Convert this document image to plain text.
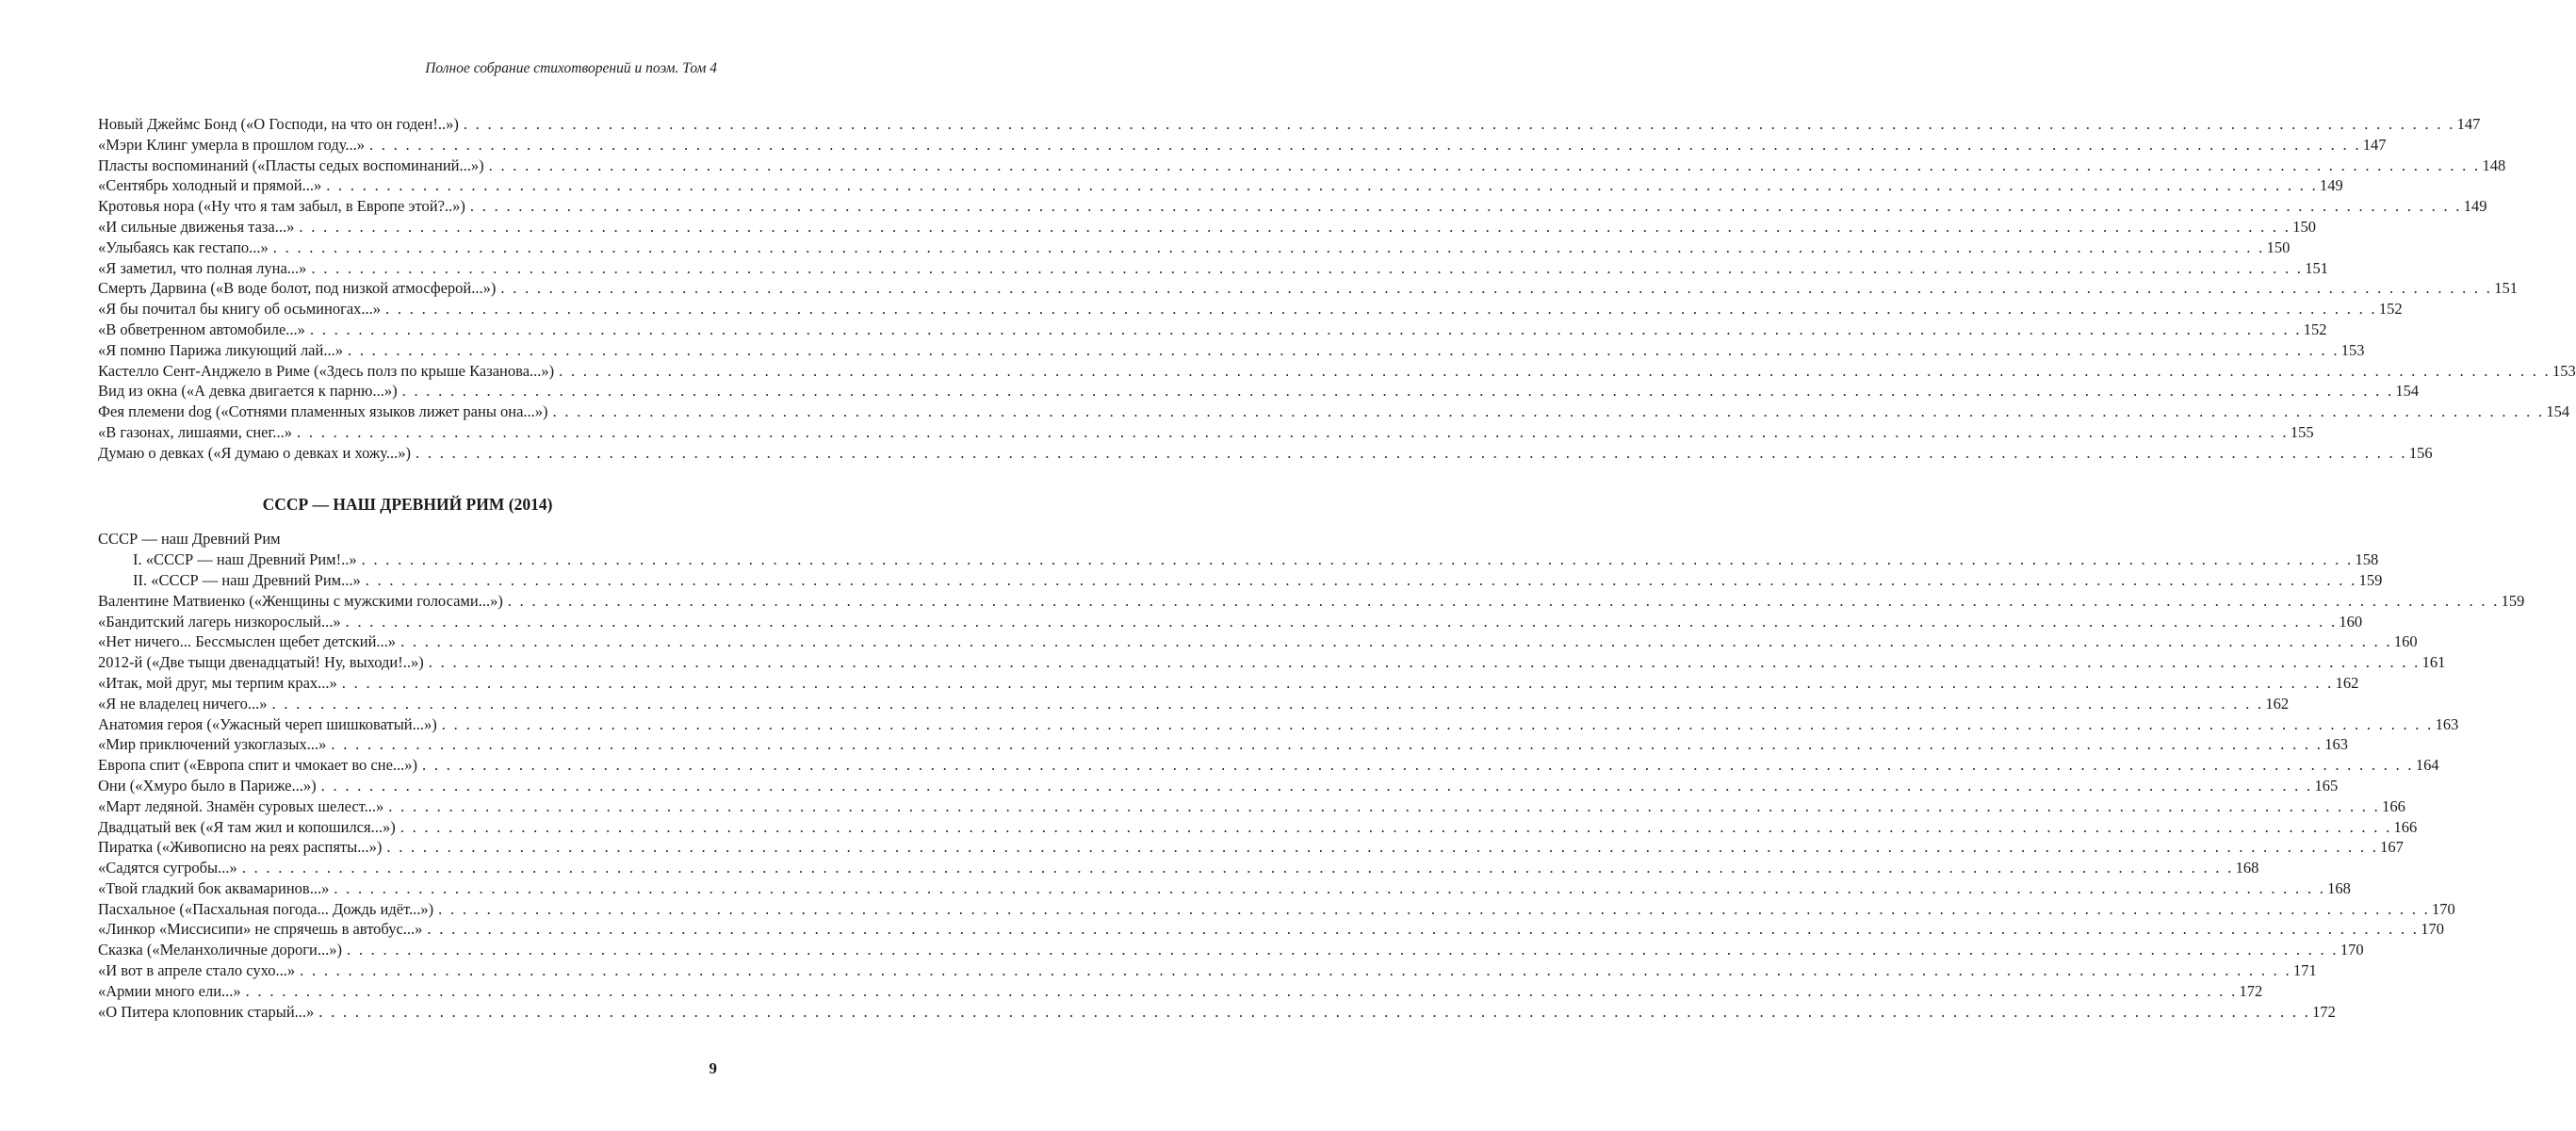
Полное собрание стихотворений и поэм. Том 4
Новый Джеймс Бонд («О Господи, на что он годен!..») . . . . . . . . . . . . . . . . . . . . . . . . . . . . . . . . . . . . . . . . . . . . . . . . . . . . . . . . . . . . . . . . . . . . . . . . . . . . . . . . . . . . . . . . . . . . . . . . . . . . . . . . . . . . . . . . . . . . . . . . . . . . . . . . . . . . . . . . . . . . . . . . . . . . . . . . . . . . . . . . . . . . . 147
«Мэри Клинг умерла в прошлом году...» . . . . . . . . . . . . . . . . . . . . . . . . . . . . . . . . . . . . . . . . . . . . . . . . . . . . . . . . . . . . . . . . . . . . . . . . . . . . . . . . . . . . . . . . . . . . . . . . . . . . . . . . . . . . . . . . . . . . . . . . . . . . . . . . . . . . . . . . . . . . . . . . . . . . . . . . . . . . . . . . . . . . . 147
Пласты воспоминаний («Пласты седых воспоминаний...») . . . . . . . . . . . . . . . . . . . . . . . . . . . . . . . . . . . . . . . . . . . . . . . . . . . . . . . . . . . . . . . . . . . . . . . . . . . . . . . . . . . . . . . . . . . . . . . . . . . . . . . . . . . . . . . . . . . . . . . . . . . . . . . . . . . . . . . . . . . . . . . . . . . . . . . . . . . . . . . . . . . . . 148
«Сентябрь холодный и прямой...» . . . . . . . . . . . . . . . . . . . . . . . . . . . . . . . . . . . . . . . . . . . . . . . . . . . . . . . . . . . . . . . . . . . . . . . . . . . . . . . . . . . . . . . . . . . . . . . . . . . . . . . . . . . . . . . . . . . . . . . . . . . . . . . . . . . . . . . . . . . . . . . . . . . . . . . . . . . . . . . . . . . . . 149
Кротовья нора («Ну что я там забыл, в Европе этой?..») . . . . . . . . . . . . . . . . . . . . . . . . . . . . . . . . . . . . . . . . . . . . . . . . . . . . . . . . . . . . . . . . . . . . . . . . . . . . . . . . . . . . . . . . . . . . . . . . . . . . . . . . . . . . . . . . . . . . . . . . . . . . . . . . . . . . . . . . . . . . . . . . . . . . . . . . . . . . . . . . . . . . . 149
«И сильные движенья таза...» . . . . . . . . . . . . . . . . . . . . . . . . . . . . . . . . . . . . . . . . . . . . . . . . . . . . . . . . . . . . . . . . . . . . . . . . . . . . . . . . . . . . . . . . . . . . . . . . . . . . . . . . . . . . . . . . . . . . . . . . . . . . . . . . . . . . . . . . . . . . . . . . . . . . . . . . . . . . . . . . . . . . . 150
«Улыбаясь как гестапо...» . . . . . . . . . . . . . . . . . . . . . . . . . . . . . . . . . . . . . . . . . . . . . . . . . . . . . . . . . . . . . . . . . . . . . . . . . . . . . . . . . . . . . . . . . . . . . . . . . . . . . . . . . . . . . . . . . . . . . . . . . . . . . . . . . . . . . . . . . . . . . . . . . . . . . . . . . . . . . . . . . . . . . 150
«Я заметил, что полная луна...» . . . . . . . . . . . . . . . . . . . . . . . . . . . . . . . . . . . . . . . . . . . . . . . . . . . . . . . . . . . . . . . . . . . . . . . . . . . . . . . . . . . . . . . . . . . . . . . . . . . . . . . . . . . . . . . . . . . . . . . . . . . . . . . . . . . . . . . . . . . . . . . . . . . . . . . . . . . . . . . . . . . . . 151
Смерть Дарвина («В воде болот, под низкой атмосферой...») . . . . . . . . . . . . . . . . . . . . . . . . . . . . . . . . . . . . . . . . . . . . . . . . . . . . . . . . . . . . . . . . . . . . . . . . . . . . . . . . . . . . . . . . . . . . . . . . . . . . . . . . . . . . . . . . . . . . . . . . . . . . . . . . . . . . . . . . . . . . . . . . . . . . . . . . . . . . . . . . . . . . . 151
«Я бы почитал бы книгу об осьминогах...» . . . . . . . . . . . . . . . . . . . . . . . . . . . . . . . . . . . . . . . . . . . . . . . . . . . . . . . . . . . . . . . . . . . . . . . . . . . . . . . . . . . . . . . . . . . . . . . . . . . . . . . . . . . . . . . . . . . . . . . . . . . . . . . . . . . . . . . . . . . . . . . . . . . . . . . . . . . . . . . . . . . . . 152
«В обветренном автомобиле...» . . . . . . . . . . . . . . . . . . . . . . . . . . . . . . . . . . . . . . . . . . . . . . . . . . . . . . . . . . . . . . . . . . . . . . . . . . . . . . . . . . . . . . . . . . . . . . . . . . . . . . . . . . . . . . . . . . . . . . . . . . . . . . . . . . . . . . . . . . . . . . . . . . . . . . . . . . . . . . . . . . . . . 152
«Я помню Парижа ликующий лай...» . . . . . . . . . . . . . . . . . . . . . . . . . . . . . . . . . . . . . . . . . . . . . . . . . . . . . . . . . . . . . . . . . . . . . . . . . . . . . . . . . . . . . . . . . . . . . . . . . . . . . . . . . . . . . . . . . . . . . . . . . . . . . . . . . . . . . . . . . . . . . . . . . . . . . . . . . . . . . . . . . . . . . 153
Кастелло Сент-Анджело в Риме («Здесь полз по крыше Казанова...») . . . . . . . . . . . . . . . . . . . . . . . . . . . . . . . . . . . . . . . . . . . . . . . . . . . . . . . . . . . . . . . . . . . . . . . . . . . . . . . . . . . . . . . . . . . . . . . . . . . . . . . . . . . . . . . . . . . . . . . . . . . . . . . . . . . . . . . . . . . . . . . . . . . . . . . . . . . . . . . . . . . . . 153
Вид из окна («А девка двигается к парню...») . . . . . . . . . . . . . . . . . . . . . . . . . . . . . . . . . . . . . . . . . . . . . . . . . . . . . . . . . . . . . . . . . . . . . . . . . . . . . . . . . . . . . . . . . . . . . . . . . . . . . . . . . . . . . . . . . . . . . . . . . . . . . . . . . . . . . . . . . . . . . . . . . . . . . . . . . . . . . . . . . . . . . 154
Фея племени dog («Сотнями пламенных языков лижет раны она...») . . . . . . . . . . . . . . . . . . . . . . . . . . . . . . . . . . . . . . . . . . . . . . . . . . . . . . . . . . . . . . . . . . . . . . . . . . . . . . . . . . . . . . . . . . . . . . . . . . . . . . . . . . . . . . . . . . . . . . . . . . . . . . . . . . . . . . . . . . . . . . . . . . . . . . . . . . . . . . . . . . . . . 154
«В газонах, лишаями, снег...» . . . . . . . . . . . . . . . . . . . . . . . . . . . . . . . . . . . . . . . . . . . . . . . . . . . . . . . . . . . . . . . . . . . . . . . . . . . . . . . . . . . . . . . . . . . . . . . . . . . . . . . . . . . . . . . . . . . . . . . . . . . . . . . . . . . . . . . . . . . . . . . . . . . . . . . . . . . . . . . . . . . . . 155
Думаю о девках («Я думаю о девках и хожу...») . . . . . . . . . . . . . . . . . . . . . . . . . . . . . . . . . . . . . . . . . . . . . . . . . . . . . . . . . . . . . . . . . . . . . . . . . . . . . . . . . . . . . . . . . . . . . . . . . . . . . . . . . . . . . . . . . . . . . . . . . . . . . . . . . . . . . . . . . . . . . . . . . . . . . . . . . . . . . . . . . . . . . 156
СССР — НАШ ДРЕВНИЙ РИМ (2014)
СССР — наш Древний Рим
I. «СССР — наш Древний Рим!..» . . . . . . . . . . . . . . . . . . . . . . . . . . . . . . . . . . . . . . . . . . . . . . . . . . . . . . . . . . . . . . . . . . . . . . . . . . . . . . . . . . . . . . . . . . . . . . . . . . . . . . . . . . . . . . . . . . . . . . . . . . . . . . . . . . . . . . . . . . . . . . . . . . . . . . . . . . . . . . . . . . . . . 158
II. «СССР — наш Древний Рим...» . . . . . . . . . . . . . . . . . . . . . . . . . . . . . . . . . . . . . . . . . . . . . . . . . . . . . . . . . . . . . . . . . . . . . . . . . . . . . . . . . . . . . . . . . . . . . . . . . . . . . . . . . . . . . . . . . . . . . . . . . . . . . . . . . . . . . . . . . . . . . . . . . . . . . . . . . . . . . . . . . . . . . 159
Валентине Матвиенко («Женщины с мужскими голосами...») . . . . . . . . . . . . . . . . . . . . . . . . . . . . . . . . . . . . . . . . . . . . . . . . . . . . . . . . . . . . . . . . . . . . . . . . . . . . . . . . . . . . . . . . . . . . . . . . . . . . . . . . . . . . . . . . . . . . . . . . . . . . . . . . . . . . . . . . . . . . . . . . . . . . . . . . . . . . . . . . . . . . . 159
«Бандитский лагерь низкорослый...» . . . . . . . . . . . . . . . . . . . . . . . . . . . . . . . . . . . . . . . . . . . . . . . . . . . . . . . . . . . . . . . . . . . . . . . . . . . . . . . . . . . . . . . . . . . . . . . . . . . . . . . . . . . . . . . . . . . . . . . . . . . . . . . . . . . . . . . . . . . . . . . . . . . . . . . . . . . . . . . . . . . . . 160
«Нет ничего... Бессмыслен щебет детский...» . . . . . . . . . . . . . . . . . . . . . . . . . . . . . . . . . . . . . . . . . . . . . . . . . . . . . . . . . . . . . . . . . . . . . . . . . . . . . . . . . . . . . . . . . . . . . . . . . . . . . . . . . . . . . . . . . . . . . . . . . . . . . . . . . . . . . . . . . . . . . . . . . . . . . . . . . . . . . . . . . . . . . 160
2012-й («Две тыщи двенадцатый! Ну, выходи!..») . . . . . . . . . . . . . . . . . . . . . . . . . . . . . . . . . . . . . . . . . . . . . . . . . . . . . . . . . . . . . . . . . . . . . . . . . . . . . . . . . . . . . . . . . . . . . . . . . . . . . . . . . . . . . . . . . . . . . . . . . . . . . . . . . . . . . . . . . . . . . . . . . . . . . . . . . . . . . . . . . . . . . 161
«Итак, мой друг, мы терпим крах...» . . . . . . . . . . . . . . . . . . . . . . . . . . . . . . . . . . . . . . . . . . . . . . . . . . . . . . . . . . . . . . . . . . . . . . . . . . . . . . . . . . . . . . . . . . . . . . . . . . . . . . . . . . . . . . . . . . . . . . . . . . . . . . . . . . . . . . . . . . . . . . . . . . . . . . . . . . . . . . . . . . . . . 162
«Я не владелец ничего...» . . . . . . . . . . . . . . . . . . . . . . . . . . . . . . . . . . . . . . . . . . . . . . . . . . . . . . . . . . . . . . . . . . . . . . . . . . . . . . . . . . . . . . . . . . . . . . . . . . . . . . . . . . . . . . . . . . . . . . . . . . . . . . . . . . . . . . . . . . . . . . . . . . . . . . . . . . . . . . . . . . . . . 162
Анатомия героя («Ужасный череп шишковатый...») . . . . . . . . . . . . . . . . . . . . . . . . . . . . . . . . . . . . . . . . . . . . . . . . . . . . . . . . . . . . . . . . . . . . . . . . . . . . . . . . . . . . . . . . . . . . . . . . . . . . . . . . . . . . . . . . . . . . . . . . . . . . . . . . . . . . . . . . . . . . . . . . . . . . . . . . . . . . . . . . . . . . . 163
«Мир приключений узкоглазых...» . . . . . . . . . . . . . . . . . . . . . . . . . . . . . . . . . . . . . . . . . . . . . . . . . . . . . . . . . . . . . . . . . . . . . . . . . . . . . . . . . . . . . . . . . . . . . . . . . . . . . . . . . . . . . . . . . . . . . . . . . . . . . . . . . . . . . . . . . . . . . . . . . . . . . . . . . . . . . . . . . . . . . 163
Европа спит («Европа спит и чмокает во сне...») . . . . . . . . . . . . . . . . . . . . . . . . . . . . . . . . . . . . . . . . . . . . . . . . . . . . . . . . . . . . . . . . . . . . . . . . . . . . . . . . . . . . . . . . . . . . . . . . . . . . . . . . . . . . . . . . . . . . . . . . . . . . . . . . . . . . . . . . . . . . . . . . . . . . . . . . . . . . . . . . . . . . . 164
Они («Хмуро было в Париже...») . . . . . . . . . . . . . . . . . . . . . . . . . . . . . . . . . . . . . . . . . . . . . . . . . . . . . . . . . . . . . . . . . . . . . . . . . . . . . . . . . . . . . . . . . . . . . . . . . . . . . . . . . . . . . . . . . . . . . . . . . . . . . . . . . . . . . . . . . . . . . . . . . . . . . . . . . . . . . . . . . . . . . 165
«Март ледяной. Знамён суровых шелест...» . . . . . . . . . . . . . . . . . . . . . . . . . . . . . . . . . . . . . . . . . . . . . . . . . . . . . . . . . . . . . . . . . . . . . . . . . . . . . . . . . . . . . . . . . . . . . . . . . . . . . . . . . . . . . . . . . . . . . . . . . . . . . . . . . . . . . . . . . . . . . . . . . . . . . . . . . . . . . . . . . . . . . 166
Двадцатый век («Я там жил и копошился...») . . . . . . . . . . . . . . . . . . . . . . . . . . . . . . . . . . . . . . . . . . . . . . . . . . . . . . . . . . . . . . . . . . . . . . . . . . . . . . . . . . . . . . . . . . . . . . . . . . . . . . . . . . . . . . . . . . . . . . . . . . . . . . . . . . . . . . . . . . . . . . . . . . . . . . . . . . . . . . . . . . . . . 166
Пиратка («Живописно на реях распяты...») . . . . . . . . . . . . . . . . . . . . . . . . . . . . . . . . . . . . . . . . . . . . . . . . . . . . . . . . . . . . . . . . . . . . . . . . . . . . . . . . . . . . . . . . . . . . . . . . . . . . . . . . . . . . . . . . . . . . . . . . . . . . . . . . . . . . . . . . . . . . . . . . . . . . . . . . . . . . . . . . . . . . . 167
«Садятся сугробы...» . . . . . . . . . . . . . . . . . . . . . . . . . . . . . . . . . . . . . . . . . . . . . . . . . . . . . . . . . . . . . . . . . . . . . . . . . . . . . . . . . . . . . . . . . . . . . . . . . . . . . . . . . . . . . . . . . . . . . . . . . . . . . . . . . . . . . . . . . . . . . . . . . . . . . . . . . . . . . . . . . . . . . 168
«Твой гладкий бок аквамаринов...» . . . . . . . . . . . . . . . . . . . . . . . . . . . . . . . . . . . . . . . . . . . . . . . . . . . . . . . . . . . . . . . . . . . . . . . . . . . . . . . . . . . . . . . . . . . . . . . . . . . . . . . . . . . . . . . . . . . . . . . . . . . . . . . . . . . . . . . . . . . . . . . . . . . . . . . . . . . . . . . . . . . . . 168
Пасхальное («Пасхальная погода... Дождь идёт...») . . . . . . . . . . . . . . . . . . . . . . . . . . . . . . . . . . . . . . . . . . . . . . . . . . . . . . . . . . . . . . . . . . . . . . . . . . . . . . . . . . . . . . . . . . . . . . . . . . . . . . . . . . . . . . . . . . . . . . . . . . . . . . . . . . . . . . . . . . . . . . . . . . . . . . . . . . . . . . . . . . . . . 170
«Линкор «Миссисипи» не спрячешь в автобус...» . . . . . . . . . . . . . . . . . . . . . . . . . . . . . . . . . . . . . . . . . . . . . . . . . . . . . . . . . . . . . . . . . . . . . . . . . . . . . . . . . . . . . . . . . . . . . . . . . . . . . . . . . . . . . . . . . . . . . . . . . . . . . . . . . . . . . . . . . . . . . . . . . . . . . . . . . . . . . . . . . . . . . 170
Сказка («Меланхоличные дороги...») . . . . . . . . . . . . . . . . . . . . . . . . . . . . . . . . . . . . . . . . . . . . . . . . . . . . . . . . . . . . . . . . . . . . . . . . . . . . . . . . . . . . . . . . . . . . . . . . . . . . . . . . . . . . . . . . . . . . . . . . . . . . . . . . . . . . . . . . . . . . . . . . . . . . . . . . . . . . . . . . . . . . . 170
«И вот в апреле стало сухо...» . . . . . . . . . . . . . . . . . . . . . . . . . . . . . . . . . . . . . . . . . . . . . . . . . . . . . . . . . . . . . . . . . . . . . . . . . . . . . . . . . . . . . . . . . . . . . . . . . . . . . . . . . . . . . . . . . . . . . . . . . . . . . . . . . . . . . . . . . . . . . . . . . . . . . . . . . . . . . . . . . . . . . 171
«Армии много ели...» . . . . . . . . . . . . . . . . . . . . . . . . . . . . . . . . . . . . . . . . . . . . . . . . . . . . . . . . . . . . . . . . . . . . . . . . . . . . . . . . . . . . . . . . . . . . . . . . . . . . . . . . . . . . . . . . . . . . . . . . . . . . . . . . . . . . . . . . . . . . . . . . . . . . . . . . . . . . . . . . . . . . . 172
«О Питера клоповник старый...» . . . . . . . . . . . . . . . . . . . . . . . . . . . . . . . . . . . . . . . . . . . . . . . . . . . . . . . . . . . . . . . . . . . . . . . . . . . . . . . . . . . . . . . . . . . . . . . . . . . . . . . . . . . . . . . . . . . . . . . . . . . . . . . . . . . . . . . . . . . . . . . . . . . . . . . . . . . . . . . . . . . . . 172
9
